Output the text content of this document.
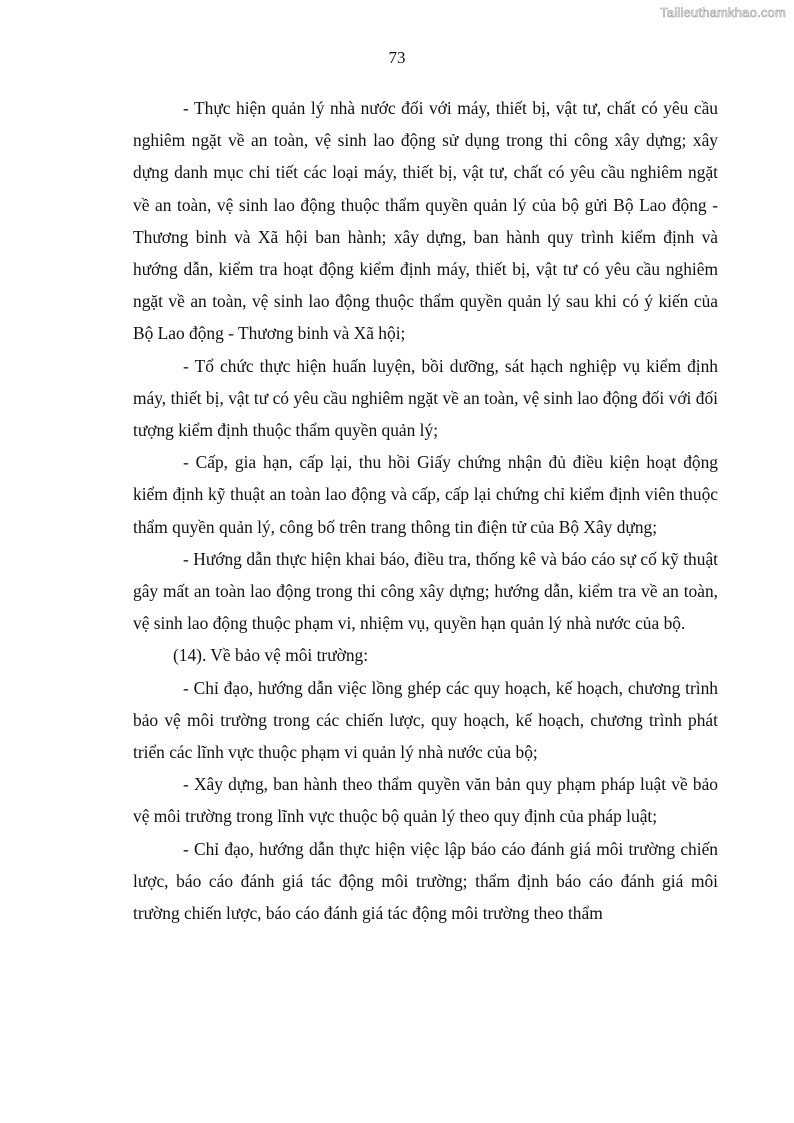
Tailieuthamkhao.com
73

- Thực hiện quản lý nhà nước đối với máy, thiết bị, vật tư, chất có yêu cầu nghiêm ngặt về an toàn, vệ sinh lao động sử dụng trong thi công xây dựng; xây dựng danh mục chi tiết các loại máy, thiết bị, vật tư, chất có yêu cầu nghiêm ngặt về an toàn, vệ sinh lao động thuộc thẩm quyền quản lý của bộ gửi Bộ Lao động - Thương binh và Xã hội ban hành; xây dựng, ban hành quy trình kiểm định và hướng dẫn, kiểm tra hoạt động kiểm định máy, thiết bị, vật tư có yêu cầu nghiêm ngặt về an toàn, vệ sinh lao động thuộc thẩm quyền quản lý sau khi có ý kiến của Bộ Lao động - Thương binh và Xã hội;

- Tổ chức thực hiện huấn luyện, bồi dưỡng, sát hạch nghiệp vụ kiểm định máy, thiết bị, vật tư có yêu cầu nghiêm ngặt về an toàn, vệ sinh lao động đối với đối tượng kiểm định thuộc thẩm quyền quản lý;

- Cấp, gia hạn, cấp lại, thu hồi Giấy chứng nhận đủ điều kiện hoạt động kiểm định kỹ thuật an toàn lao động và cấp, cấp lại chứng chỉ kiểm định viên thuộc thẩm quyền quản lý, công bố trên trang thông tin điện tử của Bộ Xây dựng;

- Hướng dẫn thực hiện khai báo, điều tra, thống kê và báo cáo sự cố kỹ thuật gây mất an toàn lao động trong thi công xây dựng; hướng dẫn, kiểm tra về an toàn, vệ sinh lao động thuộc phạm vi, nhiệm vụ, quyền hạn quản lý nhà nước của bộ.

(14). Về bảo vệ môi trường:

- Chỉ đạo, hướng dẫn việc lồng ghép các quy hoạch, kế hoạch, chương trình bảo vệ môi trường trong các chiến lược, quy hoạch, kế hoạch, chương trình phát triển các lĩnh vực thuộc phạm vi quản lý nhà nước của bộ;

- Xây dựng, ban hành theo thẩm quyền văn bản quy phạm pháp luật về bảo vệ môi trường trong lĩnh vực thuộc bộ quản lý theo quy định của pháp luật;

- Chỉ đạo, hướng dẫn thực hiện việc lập báo cáo đánh giá môi trường chiến lược, báo cáo đánh giá tác động môi trường; thẩm định báo cáo đánh giá môi trường chiến lược, báo cáo đánh giá tác động môi trường theo thẩm
